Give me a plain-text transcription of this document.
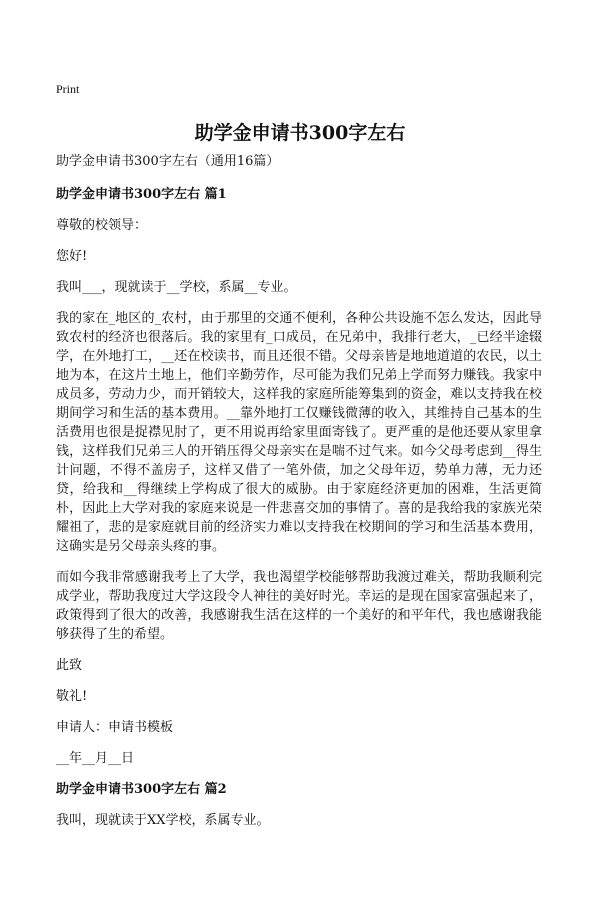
Print
助学金申请书300字左右

助学金申请书300字左右（通用16篇）

助学金申请书300字左右 篇1

尊敬的校领导：

您好!

我叫___，现就读于__学校，系属__专业。

我的家在_地区的_农村，由于那里的交通不便利，各种公共设施不怎么发达，因此导致农村的经济也很落后。我的家里有_口成员，在兄弟中，我排行老大，_已经半途辍学，在外地打工，__还在校读书，而且还很不错。父母亲皆是地地道道的农民，以土地为本，在这片土地上，他们辛勤劳作，尽可能为我们兄弟上学而努力赚钱。我家中成员多，劳动力少，而开销较大，这样我的家庭所能筹集到的资金，难以支持我在校期间学习和生活的基本费用。__靠外地打工仅赚钱微薄的收入，其维持自己基本的生活费用也很是捉襟见肘了，更不用说再给家里面寄钱了。更严重的是他还要从家里拿钱，这样我们兄弟三人的开销压得父母亲实在是喘不过气来。如今父母考虑到__得生计问题，不得不盖房子，这样又借了一笔外债，加之父母年迈，势单力薄，无力还贷，给我和__得继续上学构成了很大的威胁。由于家庭经济更加的困难，生活更简朴，因此上大学对我的家庭来说是一件悲喜交加的事情了。喜的是我给我的家族光荣耀祖了，悲的是家庭就目前的经济实力难以支持我在校期间的学习和生活基本费用，这确实是另父母亲头疼的事。

而如今我非常感谢我考上了大学，我也渴望学校能够帮助我渡过难关，帮助我顺利完成学业，帮助我度过大学这段令人神往的美好时光。幸运的是现在国家富强起来了，政策得到了很大的改善，我感谢我生活在这样的一个美好的和平年代，我也感谢我能够获得了生的希望。

此致

敬礼!

申请人：申请书模板

__年__月__日

助学金申请书300字左右 篇2

我叫，现就读于XX学校，系属专业。
